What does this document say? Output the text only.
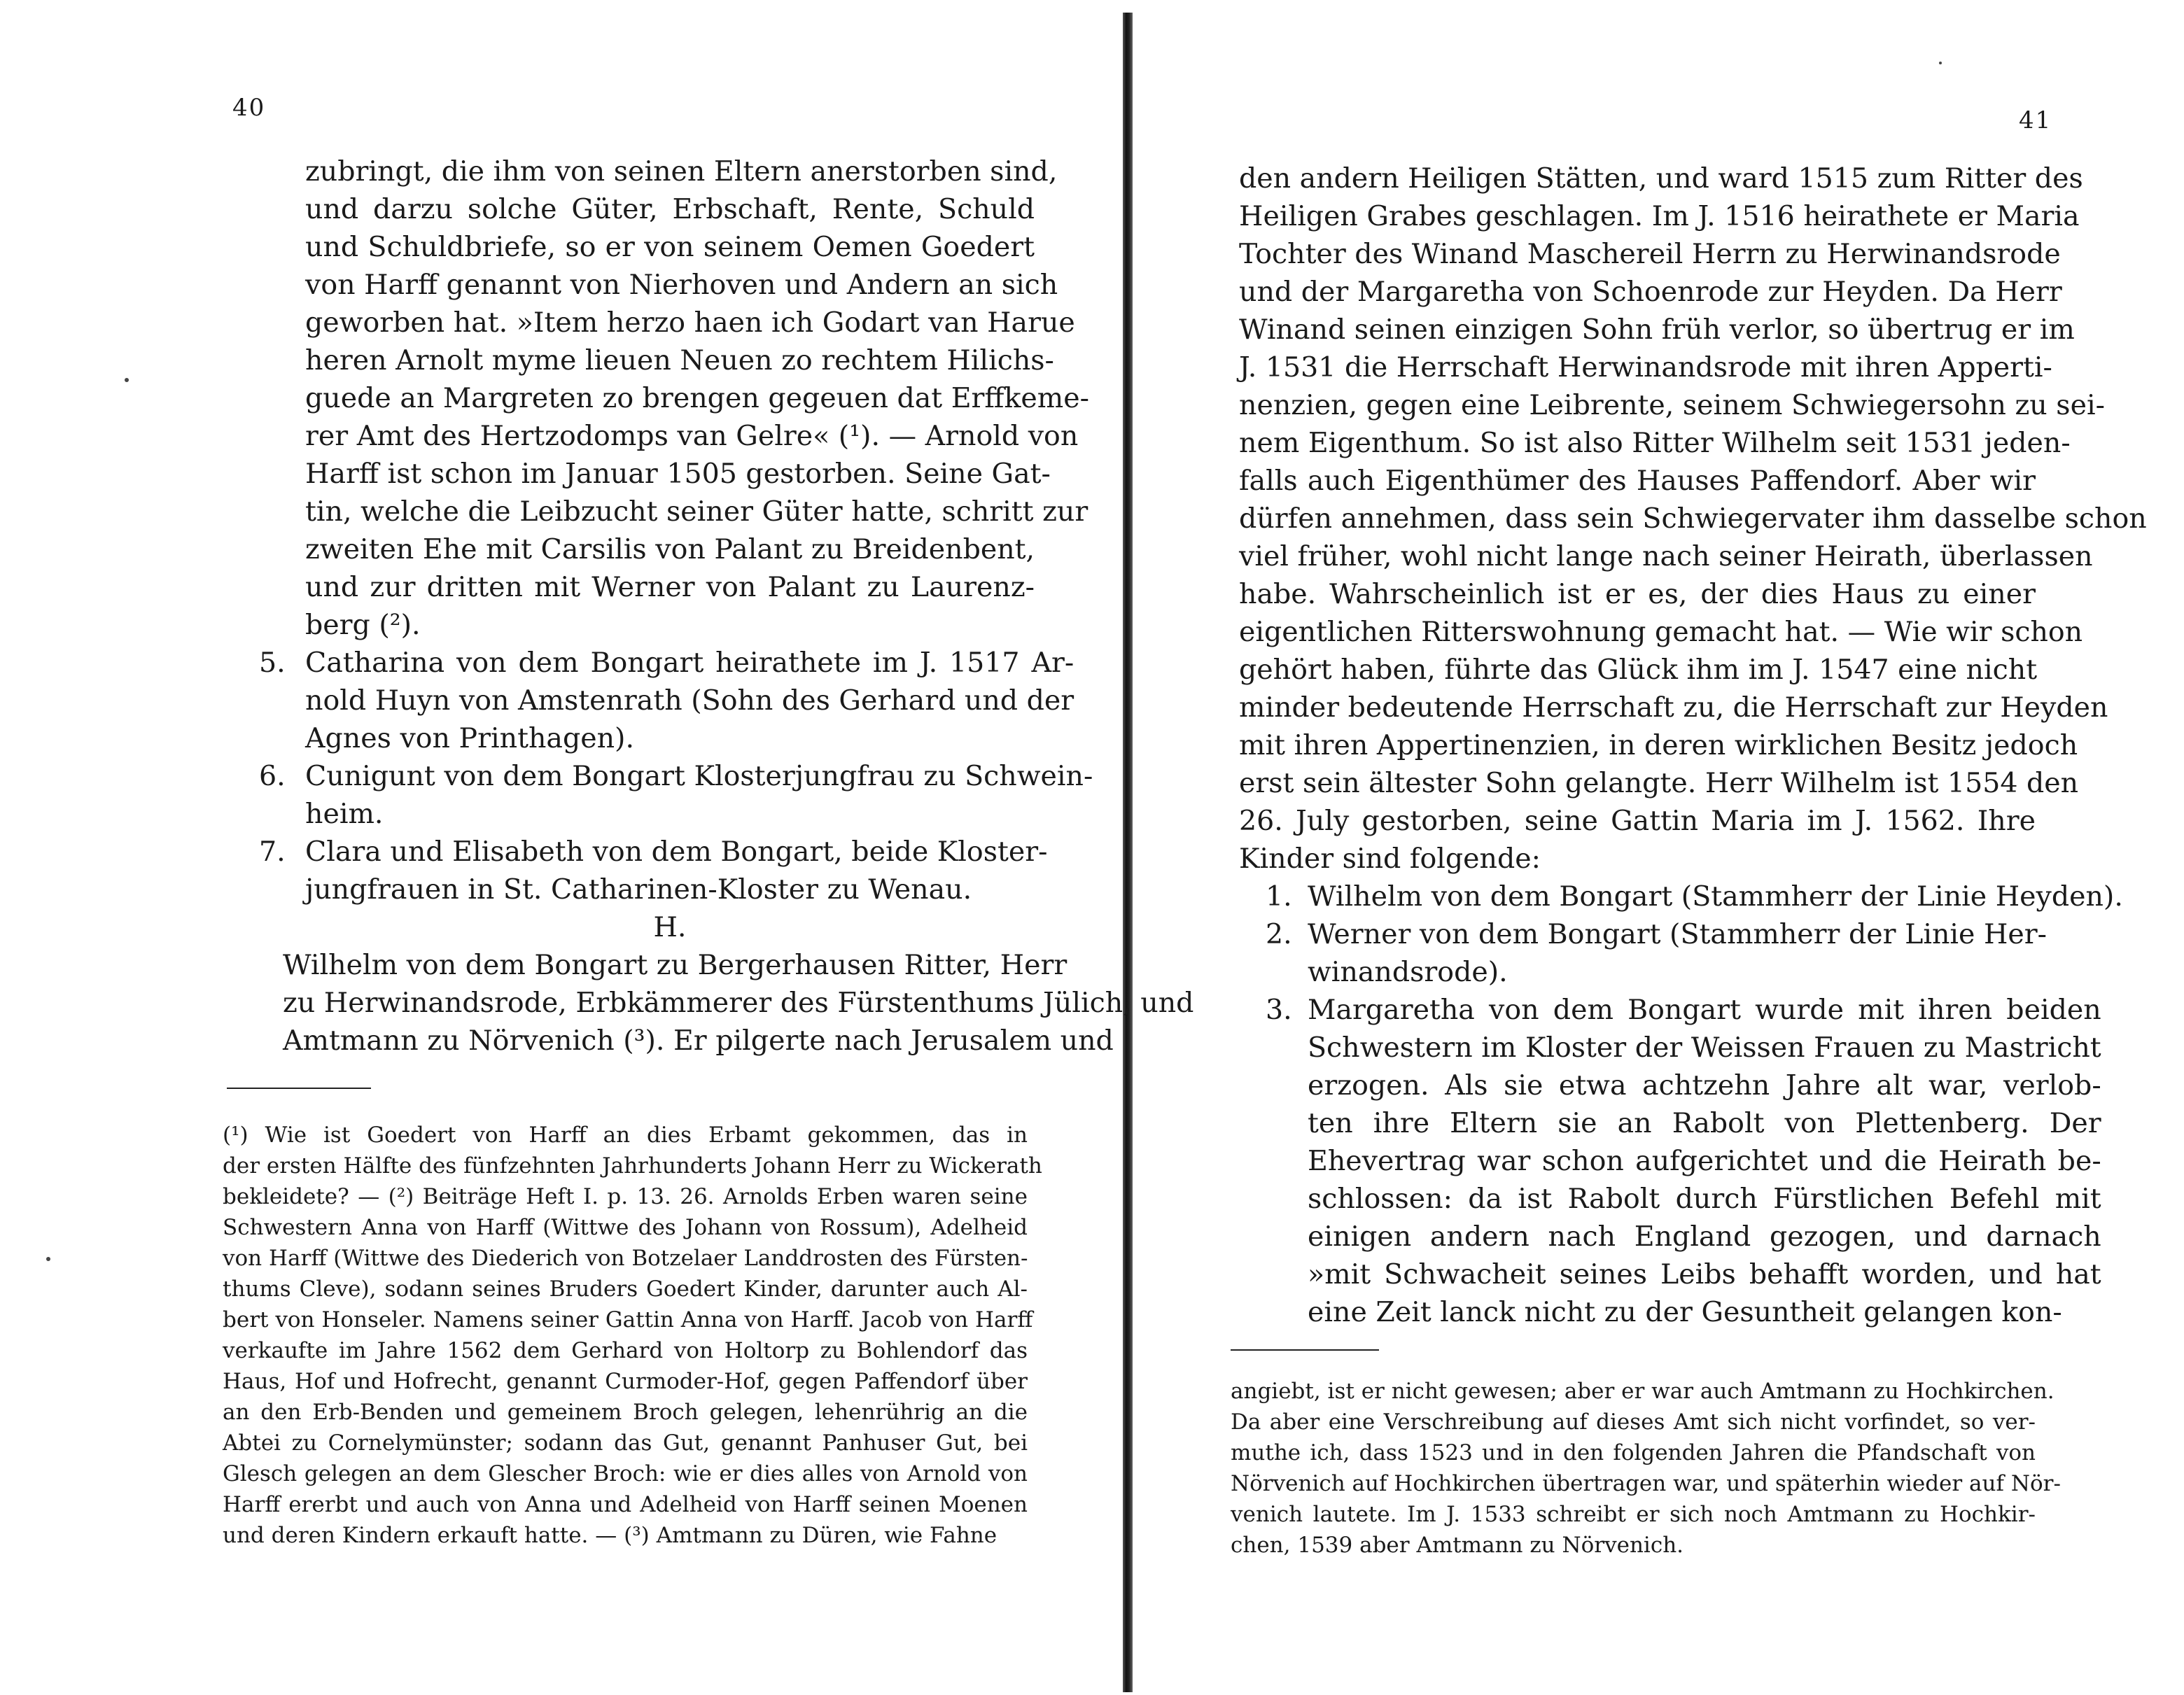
40
zubringt, die ihm von seinen Eltern anerstorben sind,
und darzu solche Güter, Erbschaft, Rente, Schuld
und Schuldbriefe, so er von seinem Oemen Goedert
von Harff genannt von Nierhoven und Andern an sich
geworben hat. »Item herzo haen ich Godart van Harue
heren Arnolt myme lieuen Neuen zo rechtem Hilichs-
guede an Margreten zo brengen gegeuen dat Erffkeme-
rer Amt des Hertzodomps van Gelre« (¹). — Arnold von
Harff ist schon im Januar 1505 gestorben. Seine Gat-
tin, welche die Leibzucht seiner Güter hatte, schritt zur
zweiten Ehe mit Carsilis von Palant zu Breidenbent,
und zur dritten mit Werner von Palant zu Laurenz-
berg (²).
5. Catharina von dem Bongart heirathete im J. 1517 Ar-
nold Huyn von Amstenrath (Sohn des Gerhard und der
Agnes von Printhagen).
6. Cunigunt von dem Bongart Klosterjungfrau zu Schwein-
heim.
7. Clara und Elisabeth von dem Bongart, beide Kloster-
jungfrauen in St. Catharinen-Kloster zu Wenau.
H.
Wilhelm von dem Bongart zu Bergerhausen Ritter, Herr
zu Herwinandsrode, Erbkämmerer des Fürstenthums Jülich, und
Amtmann zu Nörvenich (³). Er pilgerte nach Jerusalem und
(¹) Wie ist Goedert von Harff an dies Erbamt gekommen, das in
der ersten Hälfte des fünfzehnten Jahrhunderts Johann Herr zu Wickerath
bekleidete? — (²) Beiträge Heft I. p. 13. 26. Arnolds Erben waren seine
Schwestern Anna von Harff (Wittwe des Johann von Rossum), Adelheid
von Harff (Wittwe des Diederich von Botzelaer Landdrosten des Fürsten-
thums Cleve), sodann seines Bruders Goedert Kinder, darunter auch Al-
bert von Honseler. Namens seiner Gattin Anna von Harff. Jacob von Harff
verkaufte im Jahre 1562 dem Gerhard von Holtorp zu Bohlendorf das
Haus, Hof und Hofrecht, genannt Curmoder-Hof, gegen Paffendorf über
an den Erb-Benden und gemeinem Broch gelegen, lehenrührig an die
Abtei zu Cornelymünster; sodann das Gut, genannt Panhuser Gut, bei
Glesch gelegen an dem Glescher Broch: wie er dies alles von Arnold von
Harff ererbt und auch von Anna und Adelheid von Harff seinen Moenen
und deren Kindern erkauft hatte. — (³) Amtmann zu Düren, wie Fahne
41
den andern Heiligen Stätten, und ward 1515 zum Ritter des
Heiligen Grabes geschlagen. Im J. 1516 heirathete er Maria
Tochter des Winand Maschereil Herrn zu Herwinandsrode
und der Margaretha von Schoenrode zur Heyden. Da Herr
Winand seinen einzigen Sohn früh verlor, so übertrug er im
J. 1531 die Herrschaft Herwinandsrode mit ihren Apperti-
nenzien, gegen eine Leibrente, seinem Schwiegersohn zu sei-
nem Eigenthum. So ist also Ritter Wilhelm seit 1531 jeden-
falls auch Eigenthümer des Hauses Paffendorf. Aber wir
dürfen annehmen, dass sein Schwiegervater ihm dasselbe schon
viel früher, wohl nicht lange nach seiner Heirath, überlassen
habe. Wahrscheinlich ist er es, der dies Haus zu einer
eigentlichen Ritterswohnung gemacht hat. — Wie wir schon
gehört haben, führte das Glück ihm im J. 1547 eine nicht
minder bedeutende Herrschaft zu, die Herrschaft zur Heyden
mit ihren Appertinenzien, in deren wirklichen Besitz jedoch
erst sein ältester Sohn gelangte. Herr Wilhelm ist 1554 den
26. July gestorben, seine Gattin Maria im J. 1562. Ihre
Kinder sind folgende:
1. Wilhelm von dem Bongart (Stammherr der Linie Heyden).
2. Werner von dem Bongart (Stammherr der Linie Her-
winandsrode).
3. Margaretha von dem Bongart wurde mit ihren beiden
Schwestern im Kloster der Weissen Frauen zu Mastricht
erzogen. Als sie etwa achtzehn Jahre alt war, verlob-
ten ihre Eltern sie an Rabolt von Plettenberg. Der
Ehevertrag war schon aufgerichtet und die Heirath be-
schlossen: da ist Rabolt durch Fürstlichen Befehl mit
einigen andern nach England gezogen, und darnach
»mit Schwacheit seines Leibs behafft worden, und hat
eine Zeit lanck nicht zu der Gesuntheit gelangen kon-
angiebt, ist er nicht gewesen; aber er war auch Amtmann zu Hochkirchen.
Da aber eine Verschreibung auf dieses Amt sich nicht vorfindet, so ver-
muthe ich, dass 1523 und in den folgenden Jahren die Pfandschaft von
Nörvenich auf Hochkirchen übertragen war, und späterhin wieder auf Nör-
venich lautete. Im J. 1533 schreibt er sich noch Amtmann zu Hochkir-
chen, 1539 aber Amtmann zu Nörvenich.
